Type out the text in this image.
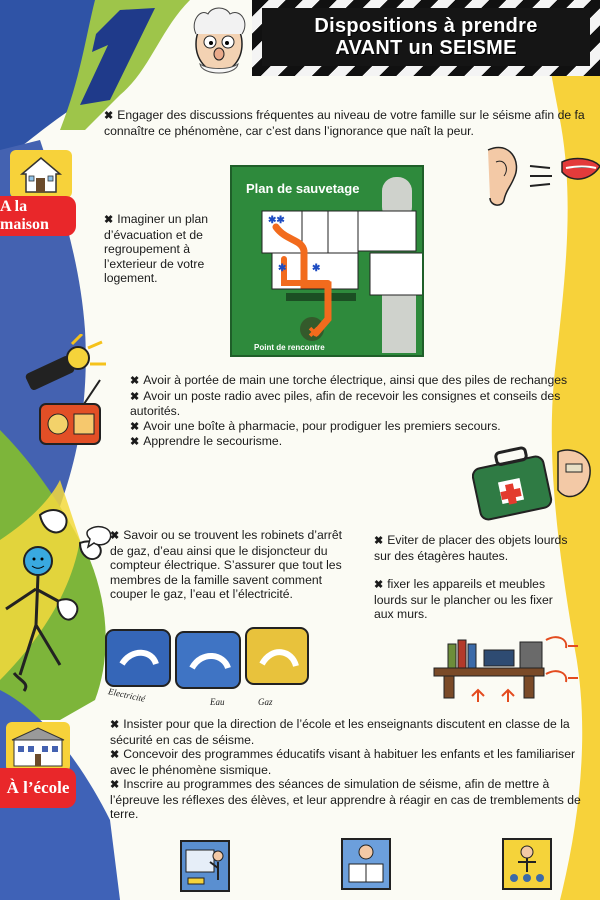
Dispositions à prendre
AVANT un SEISME
✖ Engager des discussions fréquentes au niveau de votre famille sur le séisme afin de fa connaître ce phénomène, car c’est dans l’ignorance que naît la peur.
A la maison	✖ Imaginer un plan d’évacuation et de regroupement à l’exterieur de votre logement.
Plan de sauvetage
✱✱
✱	✱
✖
Point de rencontre

✖ Avoir à portée de main une torche électrique, ainsi que des piles de rechanges

✖ Avoir un poste radio avec piles, afin de recevoir les consignes et conseils des autorités.

✖ Avoir une boîte à pharmacie, pour prodiguer les premiers secours.

✖ Apprendre le secourisme.

✖ Savoir ou se trouvent les robinets d’arrêt de gaz, d’eau ainsi que le disjoncteur du compteur électrique. S’assurer que tout les membres de la famille savent comment couper le gaz, l’eau et l’électricité.
✖ Eviter de placer des objets lourds sur des étagères hautes.
✖ fixer les appareils et meubles lourds sur le plancher ou les fixer aux murs.
Electricité	Eau	Gaz
À l’école

✖ Insister pour que la direction de l’école et les enseignants discutent en classe de la sécurité en cas de séisme.

✖ Concevoir des programmes éducatifs visant à habituer les enfants et les familiariser avec le phénomène sismique.

✖ Inscrire au programmes des séances de simulation de séisme, afin de mettre à l’épreuve les réflexes des élèves, et leur apprendre à réagir en cas de tremblements de terre.
